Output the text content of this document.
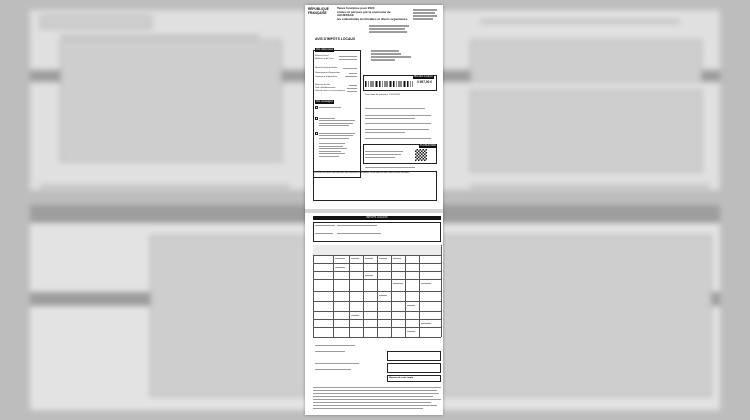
RÉPUBLIQUE
FRANÇAISE
Taxes foncières pour 2024
votées et perçues par la commune de
AGUESSAC
les collectivités territoriales et divers organismes
AVIS D'IMPÔTS LOCAUX
Vos références
Numéro fiscal
Référence de l'avis
Numéro de propriétaire
Département d'imposition
Commune d'imposition
Numéro de rôle
Date d'établissement
Date de mise en recouvrement
Vos messages
Montant à payer
0 997,00 €
Date limite de paiement 15/10/2024
FLASHCODE
Les taxes foncières sont affectées aux collectivités territoriales. Seule elles ont leurs dont les taux sont fixés.
IMPÔTS LOCAUX
Montant de votre impôt
